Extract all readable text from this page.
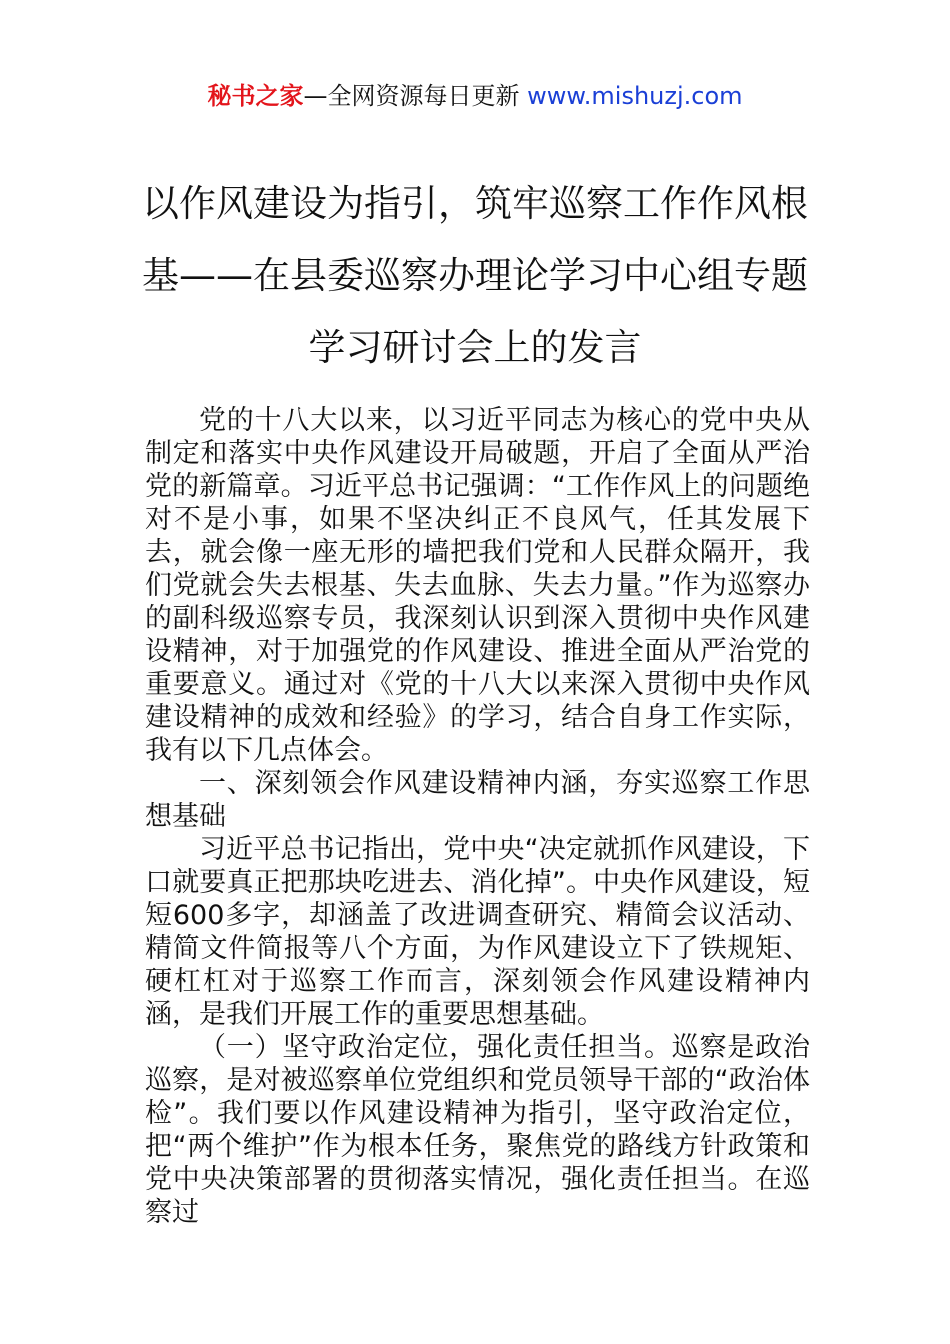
秘书之家—全网资源每日更新 www.mishuzj.com
以作风建设为指引，筑牢巡察工作作风根
基——在县委巡察办理论学习中心组专题
学习研讨会上的发言

党的十八大以来，以习近平同志为核心的党中央从制定和落实中央作风建设开局破题，开启了全面从严治党的新篇章。习近平总书记强调：“工作作风上的问题绝对不是小事，如果不坚决纠正不良风气，任其发展下去，就会像一座无形的墙把我们党和人民群众隔开，我们党就会失去根基、失去血脉、失去力量。”作为巡察办的副科级巡察专员，我深刻认识到深入贯彻中央作风建设精神，对于加强党的作风建设、推进全面从严治党的重要意义。通过对《党的十八大以来深入贯彻中央作风建设精神的成效和经验》的学习，结合自身工作实际，我有以下几点体会。

一、深刻领会作风建设精神内涵，夯实巡察工作思想基础

习近平总书记指出，党中央“决定就抓作风建设，下口就要真正把那块吃进去、消化掉”。中央作风建设，短短600多字，却涵盖了改进调查研究、精简会议活动、精简文件简报等八个方面，为作风建设立下了铁规矩、硬杠杠对于巡察工作而言，深刻领会作风建设精神内涵，是我们开展工作的重要思想基础。

（一）坚守政治定位，强化责任担当。巡察是政治巡察，是对被巡察单位党组织和党员领导干部的“政治体检”。我们要以作风建设精神为指引，坚守政治定位，把“两个维护”作为根本任务，聚焦党的路线方针政策和党中央决策部署的贯彻落实情况，强化责任担当。在巡察过
